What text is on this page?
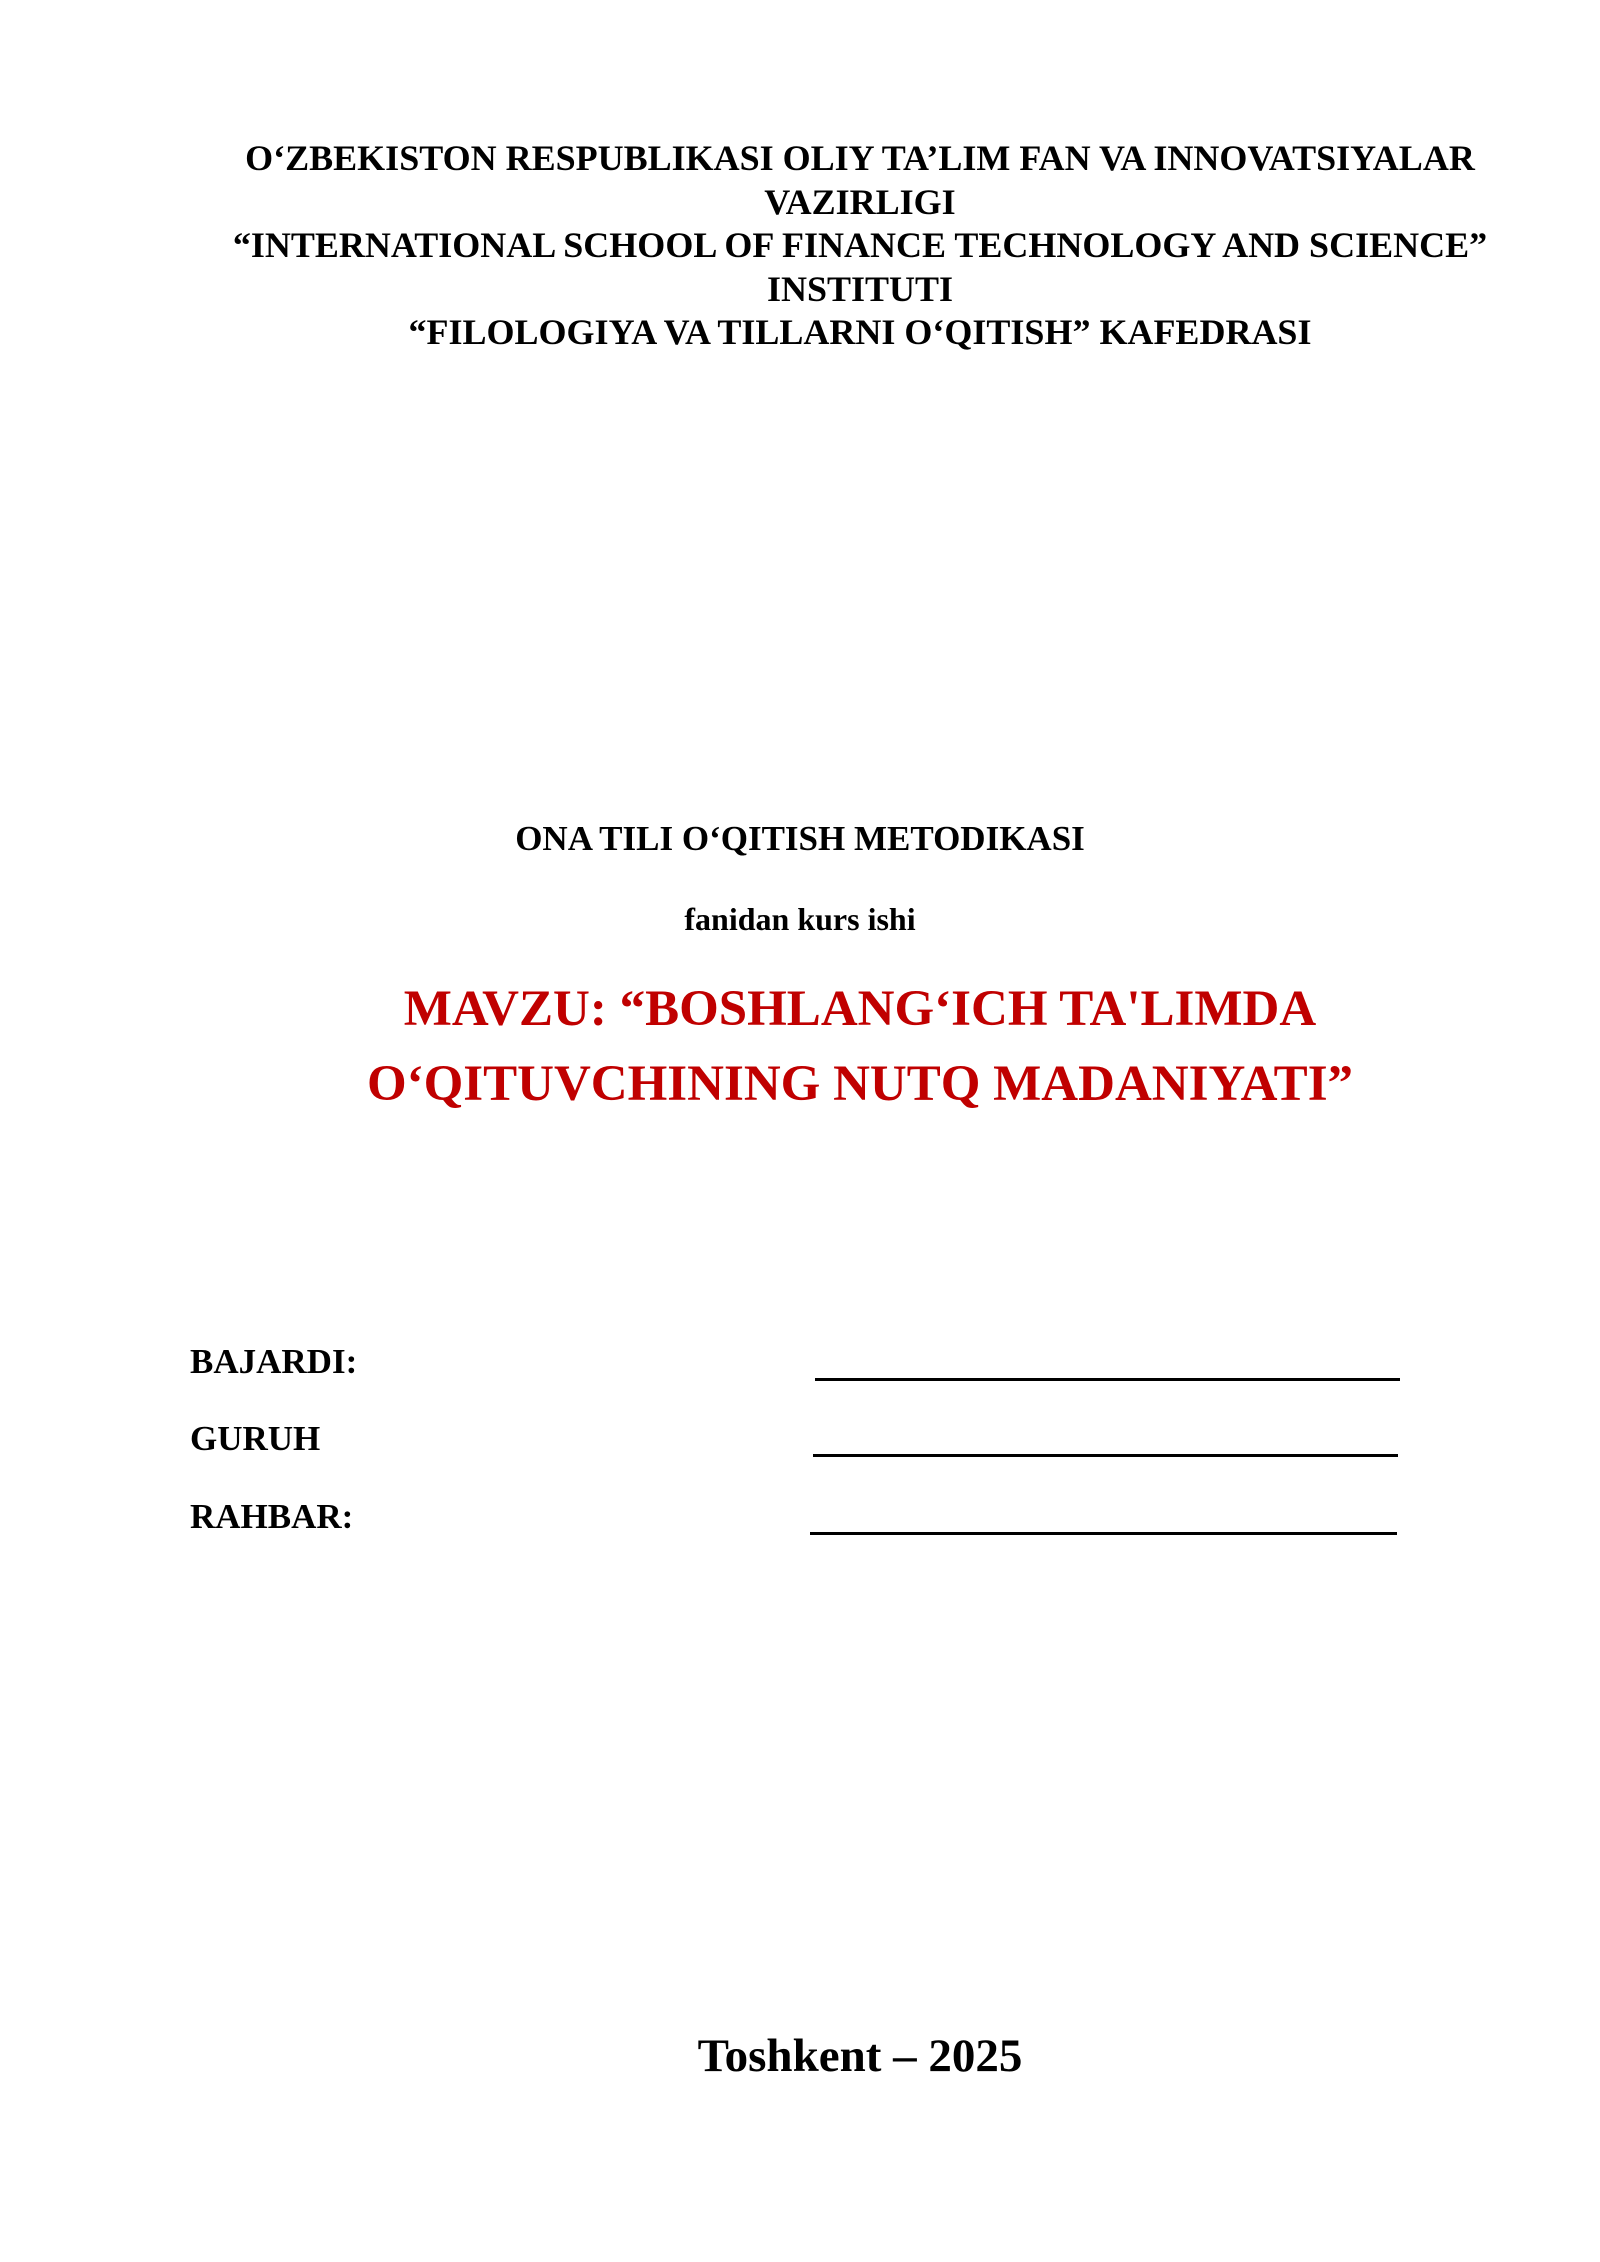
O‘ZBEKISTON RESPUBLIKASI OLIY TA’LIM FAN VA INNOVATSIYALAR
VAZIRLIGI
“INTERNATIONAL SCHOOL OF FINANCE TECHNOLOGY AND SCIENCE”
INSTITUTI
“FILOLOGIYA VA TILLARNI O‘QITISH” KAFEDRASI
ONA TILI O‘QITISH METODIKASI
fanidan kurs ishi
MAVZU: “BOSHLANG‘ICH TA'LIMDA
O‘QITUVCHINING NUTQ MADANIYATI”
BAJARDI:
GURUH
RAHBAR:
Toshkent – 2025
